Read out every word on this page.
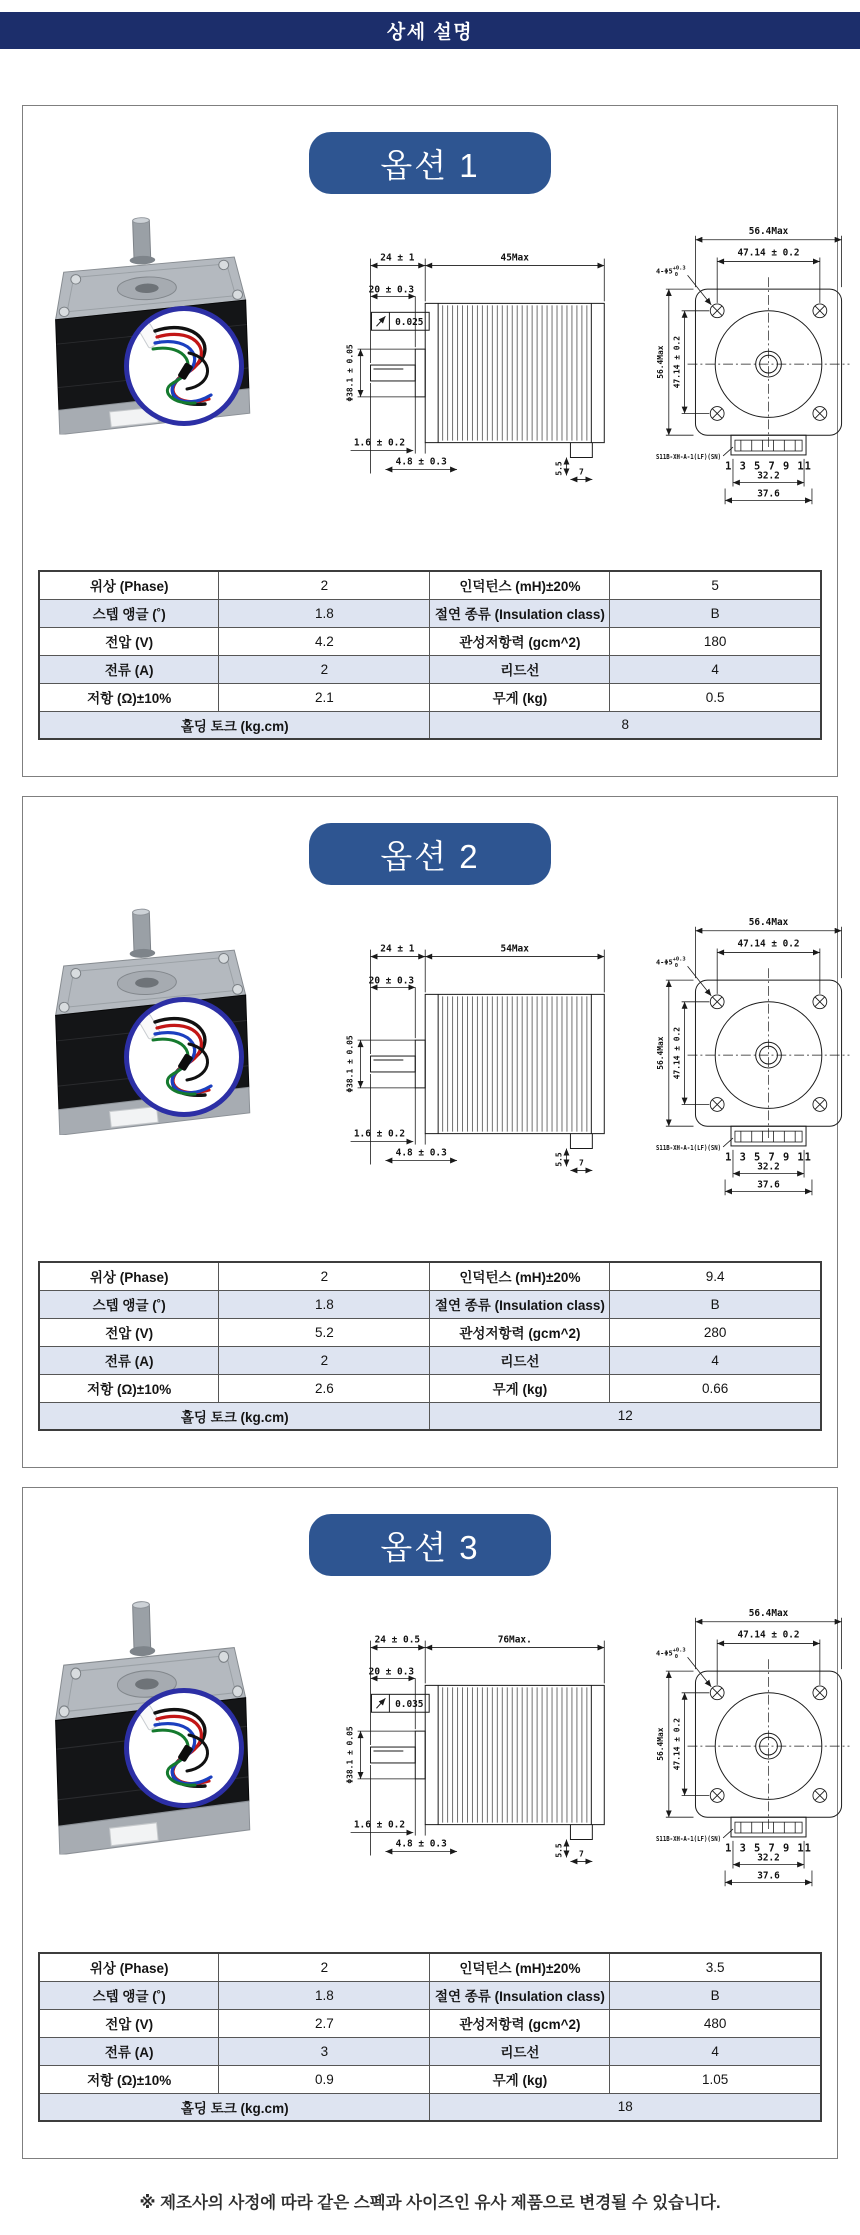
상세 설명
옵션 1
24 ± 1	45Max
20 ± 0.3
Φ38.1 ± 0.05
1.6 ± 0.2
4.8 ± 0.3	5.5 7
0.025
56.4Max
47.14 ± 0.2
56.4Max 47.14 ± 0.2
$4-\Phi 5^{+0.3}$ 0
S11B-XH-A-1(LF)(SN)
1 3 5 7 9 11
32.2
37.6
위상 (Phase)	2	인덕턴스 (mH)±20%	5
스텝 앵글 (˚)	1.8	절연 종류 (Insulation class)	B
전압 (V)	4.2	관성저항력 (gcm^2)	180
전류 (A)	2	리드선	4
저항 (Ω)±10%	2.1	무게 (kg)	0.5
홀딩 토크 (kg.cm)		8	
옵션 2
24 ± 1	54Max
20 ± 0.3
Φ38.1 ± 0.05
1.6 ± 0.2
4.8 ± 0.3	5.5 7
56.4Max
47.14 ± 0.2
56.4Max 47.14 ± 0.2
$4-\Phi 5^{+0.3}$ 0
S11B-XH-A-1(LF)(SN)
1 3 5 7 9 11
32.2
37.6
위상 (Phase)	2	인덕턴스 (mH)±20%	9.4
스텝 앵글 (˚)	1.8	절연 종류 (Insulation class)	B
전압 (V)	5.2	관성저항력 (gcm^2)	280
전류 (A)	2	리드선	4
저항 (Ω)±10%	2.6	무게 (kg)	0.66
홀딩 토크 (kg.cm)		12	
옵션 3
24 ± 0.5	76Max.
20 ± 0.3
Φ38.1 ± 0.05
1.6 ± 0.2
4.8 ± 0.3	5.5 7
0.035
56.4Max
47.14 ± 0.2
56.4Max 47.14 ± 0.2
$4-\Phi 5^{+0.3}$ 0
S11B-XH-A-1(LF)(SN)
1 3 5 7 9 11
32.2
37.6
위상 (Phase)	2	인덕턴스 (mH)±20%	3.5
스텝 앵글 (˚)	1.8	절연 종류 (Insulation class)	B
전압 (V)	2.7	관성저항력 (gcm^2)	480
전류 (A)	3	리드선	4
저항 (Ω)±10%	0.9	무게 (kg)	1.05
홀딩 토크 (kg.cm)		18	

※ 제조사의 사정에 따라 같은 스펙과 사이즈인 유사 제품으로 변경될 수 있습니다.
